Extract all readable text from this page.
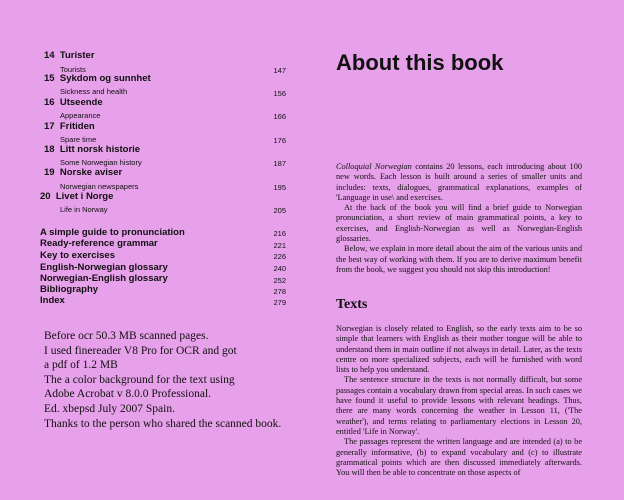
14 Turister
Tourists	147
15 Sykdom og sunnhet
Sickness and health	156
16 Utseende
Appearance	166
17 Fritiden
Spare time	176
18 Litt norsk historie
Some Norwegian history	187
19 Norske aviser
Norwegian newspapers	195
20 Livet i Norge
Life in Norway	205
A simple guide to pronunciation	216
Ready-reference grammar	221
Key to exercises	226
English-Norwegian glossary	240
Norwegian-English glossary	252
Bibliography	278
Index	279
Before ocr 50.3 MB scanned pages.
I used finereader V8 Pro for OCR and got
a pdf of 1.2 MB
The a color background for the text using
Adobe Acrobat v 8.0.0 Professional.
Ed. xbepsd July 2007 Spain.
Thanks to the person who shared the scanned book.
About this book

Colloquial Norwegian contains 20 lessons, each introducing about 100 new words. Each lesson is built around a series of smaller units and includes: texts, dialogues, grammatical explanations, examples of 'Language in use\ and exercises.

At the back of the book you will find a brief guide to Norwegian pronunciation, a short review of main grammatical points, a key to exercises, and English-Norwegian as well as Norwegian-English glossaries.

Below, we explain in more detail about the aim of the various units and the best way of working with them. If you are to derive maximum benefit from the book, we suggest you should not skip this introduction!

Texts

Norwegian is closely related to English, so the early texts aim to be so simple that learners with English as their mother tongue will be able to understand them in main outline if not always in detail. Later, as the texts centre on more specialized subjects, each will be furnished with word lists to help you understand.

The sentence structure in the texts is not normally difficult, but some passages contain a vocabulary drawn from special areas. In such cases we have found it useful to provide lessons with relevant headings. Thus, there are many words concerning the weather in Lesson 11, ('The weather'), and terms relating to parliamentary elections in Lesson 20, entitled 'Life in Norway'.

The passages represent the written language and are intended (a) to be generally informative, (b) to expand vocabulary and (c) to illustrate grammatical points which are then discussed immediately afterwards. You will then be able to concentrate on those aspects of
